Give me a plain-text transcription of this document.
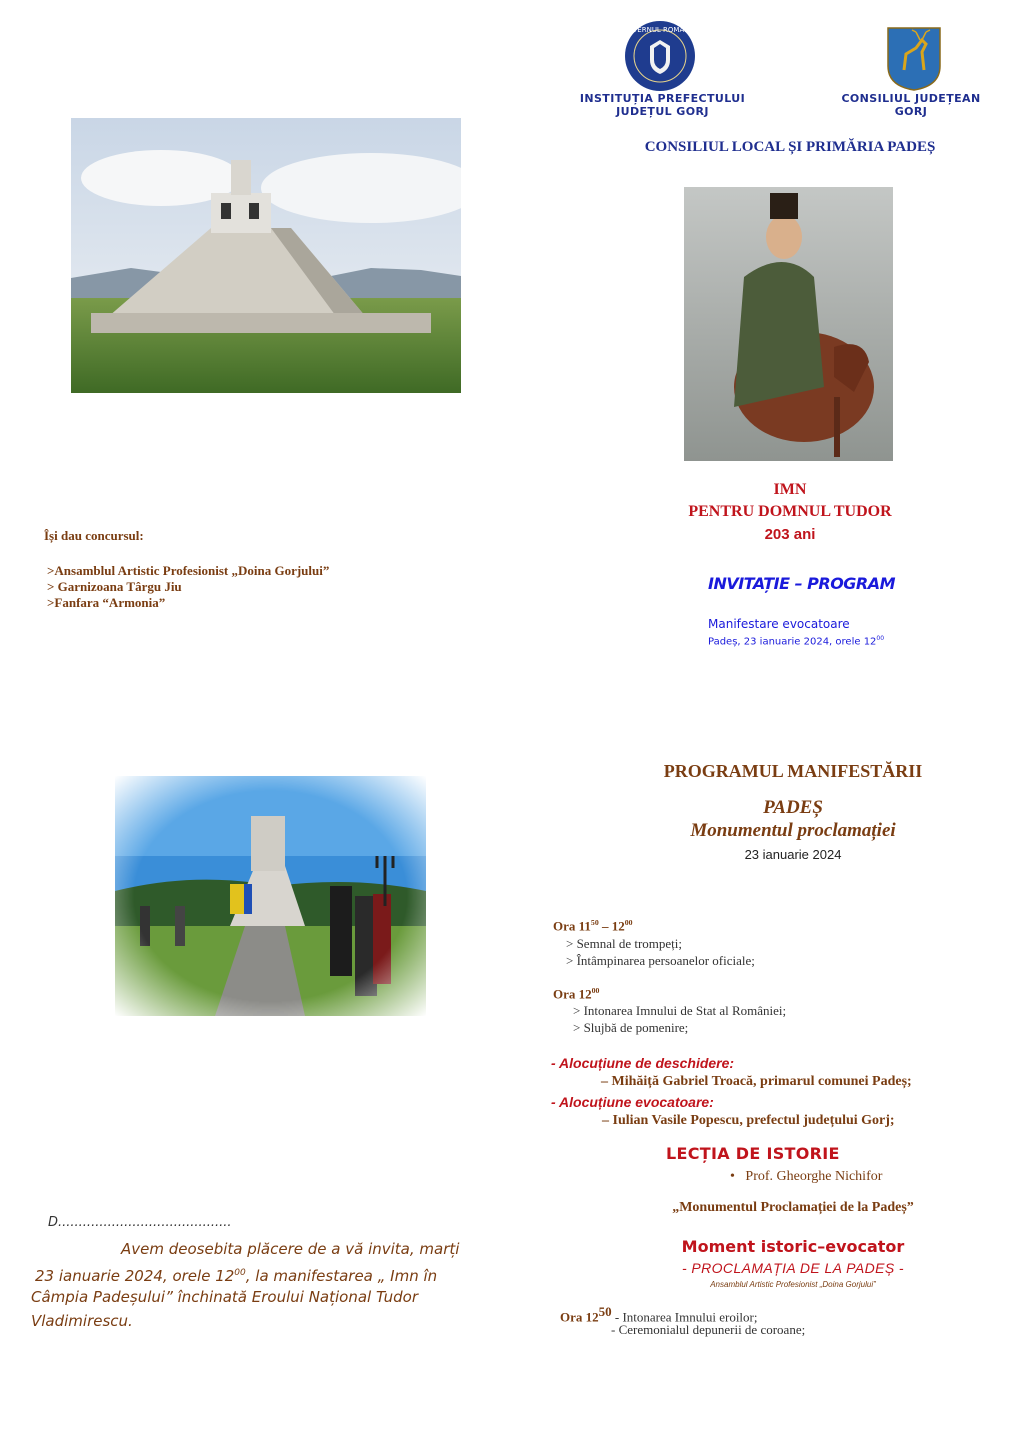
GUVERNUL ROMÂNIEI
INSTITUȚIA PREFECTULUI
JUDEȚUL GORJ
CONSILIUL JUDEȚEAN
GORJ
CONSILIUL LOCAL ȘI PRIMĂRIA PADEȘ
IMN
PENTRU DOMNUL TUDOR
203 ani
INVITAȚIE – PROGRAM
Manifestare evocatoare
Padeș, 23 ianuarie 2024, orele $12^{00}$
Își dau concursul:
>Ansamblul Artistic Profesionist „Doina Gorjului”
> Garnizoana Târgu Jiu
>Fanfara “Armonia”
PROGRAMUL MANIFESTĂRII
PADEȘ
Monumentul proclamației
23 ianuarie 2024
Ora $11^{50} - 12^{00}$
> Semnal de trompeți;
> Întâmpinarea persoanelor oficiale;
Ora $12^{00}$
> Intonarea Imnului de Stat al României;
> Slujbă de pomenire;
- Alocuțiune de deschidere:
– Mihăiță Gabriel Troacă, primarul comunei Padeș;
- Alocuțiune evocatoare:
– Iulian Vasile Popescu, prefectul județului Gorj;
LECȚIA DE ISTORIE
•   Prof. Gheorghe Nichifor
„Monumentul Proclamației de la Padeș”
Moment istoric–evocator
- PROCLAMAȚIA DE LA PADEȘ -
Ansamblul Artistic Profesionist „Doina Gorjului”
Ora $12^{50}$ - Intonarea Imnului eroilor;
- Ceremonialul depunerii de coroane;
D..........................................
Avem deosebita plăcere de a vă invita, marți
23 ianuarie 2024, orele $12^{00}$, la manifestarea „ Imn în
Câmpia Padeșului” închinată Eroului Național Tudor
Vladimirescu.
